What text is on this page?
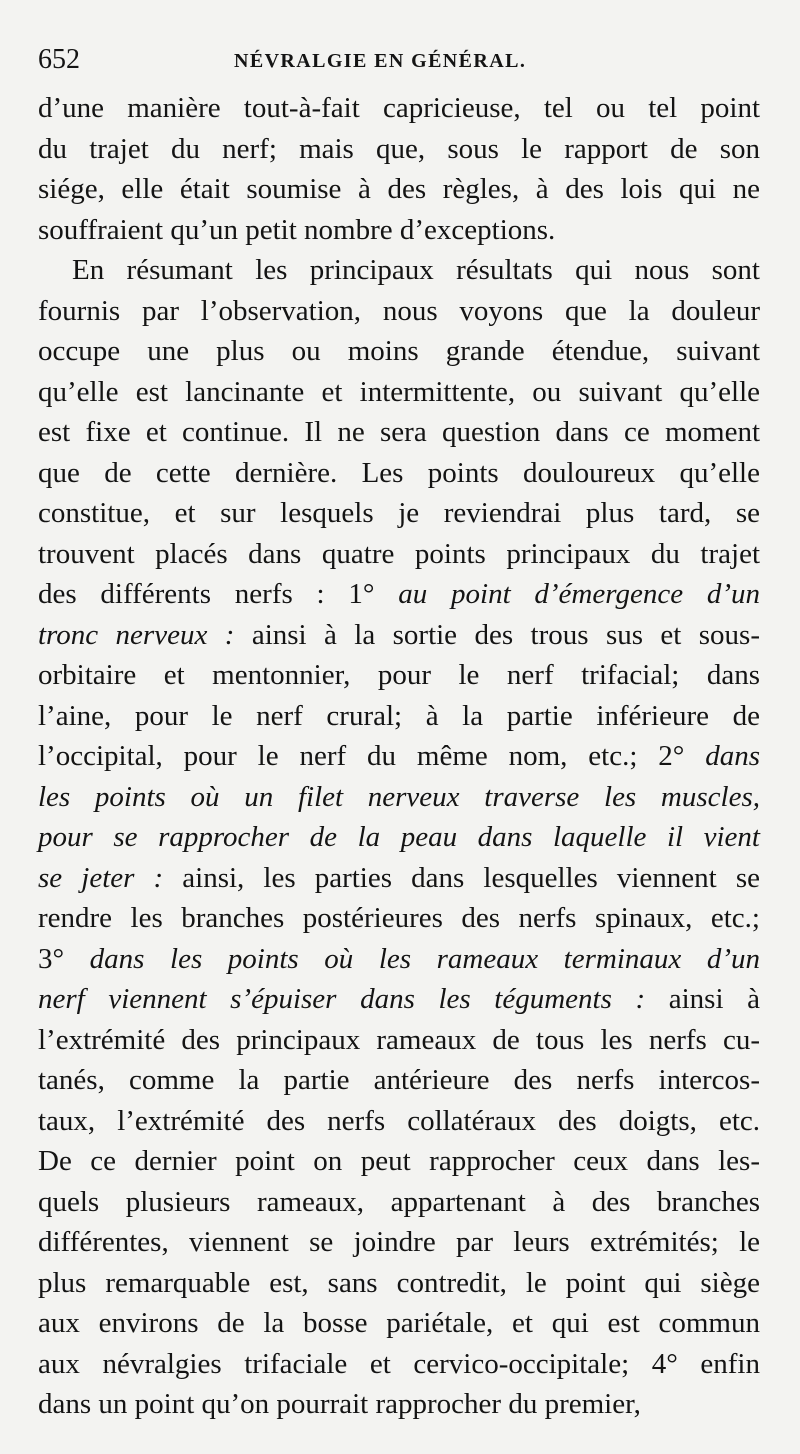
652	NÉVRALGIE EN GÉNÉRAL.
d’une manière tout-à-fait capricieuse, tel ou tel point
du trajet du nerf; mais que, sous le rapport de son
siége, elle était soumise à des règles, à des lois qui ne
souffraient qu’un petit nombre d’exceptions.
En résumant les principaux résultats qui nous sont
fournis par l’observation, nous voyons que la douleur
occupe une plus ou moins grande étendue, suivant
qu’elle est lancinante et intermittente, ou suivant qu’elle
est fixe et continue. Il ne sera question dans ce moment
que de cette dernière. Les points douloureux qu’elle
constitue, et sur lesquels je reviendrai plus tard, se
trouvent placés dans quatre points principaux du trajet
des différents nerfs : 1° au point d’émergence d’un
tronc nerveux : ainsi à la sortie des trous sus et sous-
orbitaire et mentonnier, pour le nerf trifacial; dans
l’aine, pour le nerf crural; à la partie inférieure de
l’occipital, pour le nerf du même nom, etc.; 2° dans
les points où un filet nerveux traverse les muscles,
pour se rapprocher de la peau dans laquelle il vient
se jeter : ainsi, les parties dans lesquelles viennent se
rendre les branches postérieures des nerfs spinaux, etc.;
3° dans les points où les rameaux terminaux d’un
nerf viennent s’épuiser dans les téguments : ainsi à
l’extrémité des principaux rameaux de tous les nerfs cu-
tanés, comme la partie antérieure des nerfs intercos-
taux, l’extrémité des nerfs collatéraux des doigts, etc.
De ce dernier point on peut rapprocher ceux dans les-
quels plusieurs rameaux, appartenant à des branches
différentes, viennent se joindre par leurs extrémités; le
plus remarquable est, sans contredit, le point qui siège
aux environs de la bosse pariétale, et qui est commun
aux névralgies trifaciale et cervico-occipitale; 4° enfin
dans un point qu’on pourrait rapprocher du premier,
